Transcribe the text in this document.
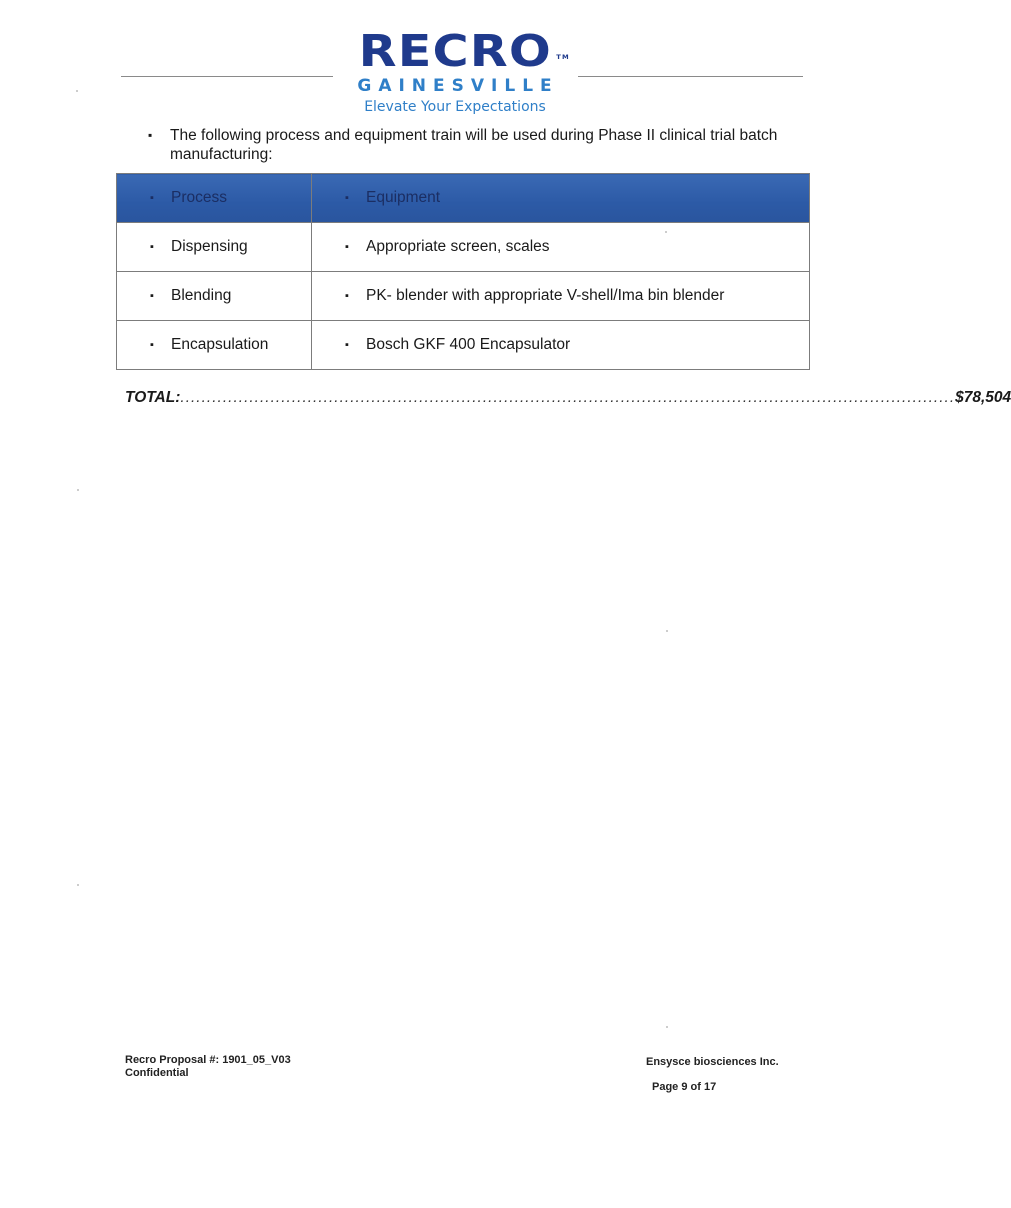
RECRO TM
GAINESVILLE
Elevate Your Expectations
▪ The following process and equipment train will be used during Phase II clinical trial batch manufacturing:
▪ Process	▪ Equipment

▪ Dispensing	▪ Appropriate screen, scales

▪ Blending	▪ PK- blender with appropriate V-shell/Ima bin blender

▪ Encapsulation	▪ Bosch GKF 400 Encapsulator
TOTAL: .................................................................................................................................................. $78,504
Recro Proposal #: 1901_05_V03
Confidential
Ensysce biosciences Inc.
Page 9 of 17
